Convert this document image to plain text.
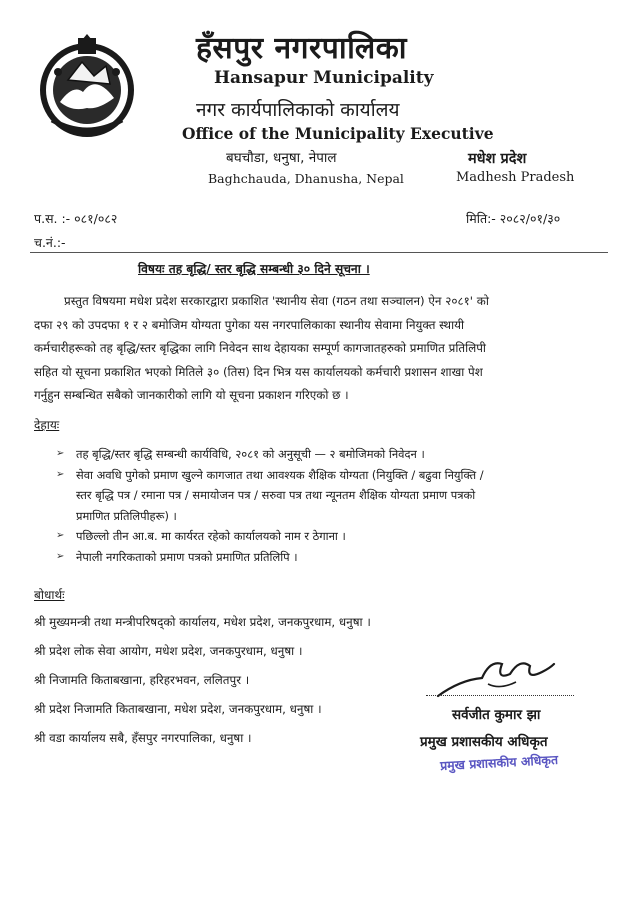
हँसपुर नगरपालिका
Hansapur Municipality
नगर कार्यपालिकाको कार्यालय
Office of the Municipality Executive
बघचौडा, धनुषा, नेपाल
Baghchauda, Dhanusha, Nepal
मधेश प्रदेश
Madhesh Pradesh
प.स. :- ०८१/०८२	मिति:- २०८२/०१/३०
च.नं.:-
विषयः तह बृद्धि/ स्तर बृद्धि सम्बन्धी ३० दिने सूचना ।
प्रस्तुत विषयमा मधेश प्रदेश सरकारद्वारा प्रकाशित 'स्थानीय सेवा (गठन तथा सञ्चालन) ऐन २०८१' को
दफा २९ को उपदफा १ र २ बमोजिम योग्यता पुगेका यस नगरपालिकाका स्थानीय सेवामा नियुक्त स्थायी
कर्मचारीहरूको तह बृद्धि/स्तर बृद्धिका लागि निवेदन साथ देहायका सम्पूर्ण कागजातहरुको प्रमाणित प्रतिलिपी
सहित यो सूचना प्रकाशित भएको मितिले ३० (तिस) दिन भित्र यस कार्यालयको कर्मचारी प्रशासन शाखा पेश
गर्नुहुन सम्बन्धित सबैको जानकारीको लागि यो सूचना प्रकाशन गरिएको छ ।
देहायः
➢ तह बृद्धि/स्तर बृद्धि सम्बन्धी कार्यविधि, २०८१ को अनुसूची — २ बमोजिमको निवेदन ।
➢ सेवा अवधि पुगेको प्रमाण खुल्ने कागजात तथा आवश्यक शैक्षिक योग्यता (नियुक्ति / बढुवा नियुक्ति /
स्तर बृद्धि पत्र / रमाना पत्र / समायोजन पत्र / सरुवा पत्र तथा न्यूनतम शैक्षिक योग्यता प्रमाण पत्रको
प्रमाणित प्रतिलिपीहरू) ।
➢ पछिल्लो तीन आ.ब. मा कार्यरत रहेको कार्यालयको नाम र ठेगाना ।
➢ नेपाली नगरिकताको प्रमाण पत्रको प्रमाणित प्रतिलिपि ।
बोधार्थः
श्री मुख्यमन्त्री तथा मन्त्रीपरिषद्को कार्यालय, मधेश प्रदेश, जनकपुरधाम, धनुषा ।
श्री प्रदेश लोक सेवा आयोग, मधेश प्रदेश, जनकपुरधाम, धनुषा ।
श्री निजामति किताबखाना, हरिहरभवन, ललितपुर ।
श्री प्रदेश निजामति किताबखाना, मधेश प्रदेश, जनकपुरधाम, धनुषा ।
श्री वडा कार्यालय सबै, हँसपुर नगरपालिका, धनुषा ।
सर्वजीत कुमार झा
प्रमुख प्रशासकीय अधिकृत
प्रमुख प्रशासकीय अधिकृत
